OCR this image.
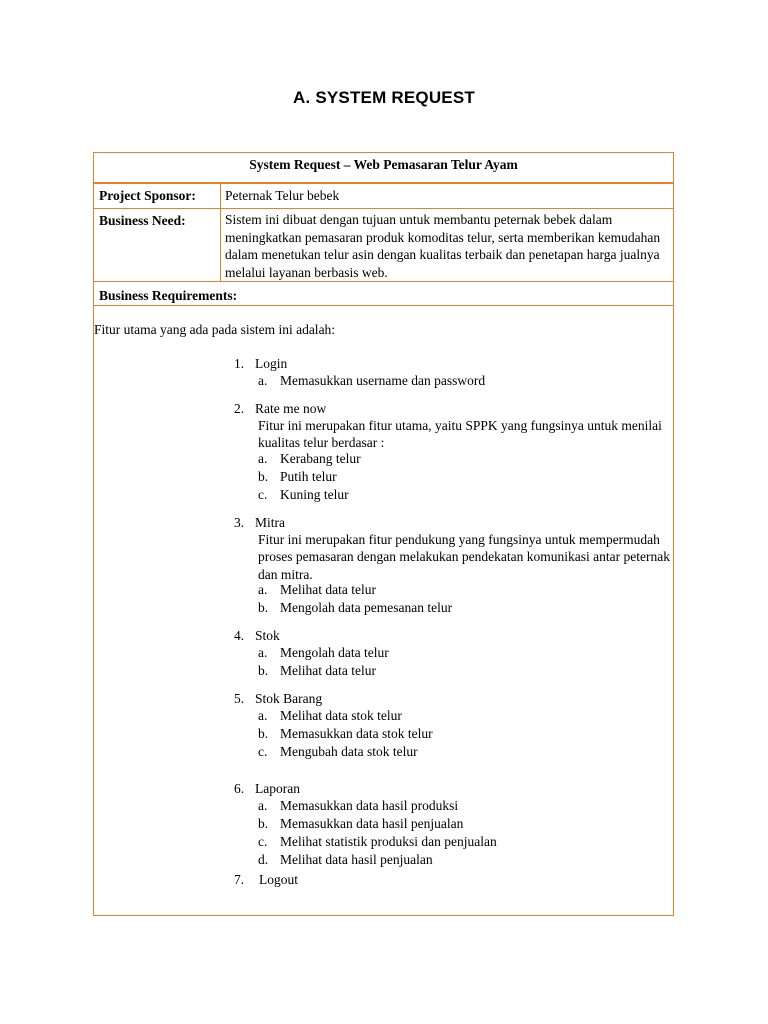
A. SYSTEM REQUEST
System Request – Web Pemasaran Telur Ayam
Project Sponsor: Peternak Telur bebek
Business Need:	Sistem ini dibuat dengan tujuan untuk membantu peternak bebek dalam meningkatkan pemasaran produk komoditas telur, serta memberikan kemudahan dalam menetukan telur asin dengan kualitas terbaik dan penetapan harga jualnya melalui layanan berbasis web.
Business Requirements:
Fitur utama yang ada pada sistem ini adalah:
1. Login
a. Memasukkan username dan password
2. Rate me now
Fitur ini merupakan fitur utama, yaitu SPPK yang fungsinya untuk menilai kualitas telur berdasar :
a. Kerabang telur
b. Putih telur
c. Kuning telur
3. Mitra
Fitur ini merupakan fitur pendukung yang fungsinya untuk mempermudah proses pemasaran dengan melakukan pendekatan komunikasi antar peternak dan mitra.
a. Melihat data telur
b. Mengolah data pemesanan telur
4. Stok
a. Mengolah data telur
b. Melihat data telur
5. Stok Barang
a. Melihat data stok telur
b. Memasukkan data stok telur
c. Mengubah data stok telur
6. Laporan
a. Memasukkan data hasil produksi
b. Memasukkan data hasil penjualan
c. Melihat statistik produksi dan penjualan
d. Melihat data hasil penjualan
7.	Logout
